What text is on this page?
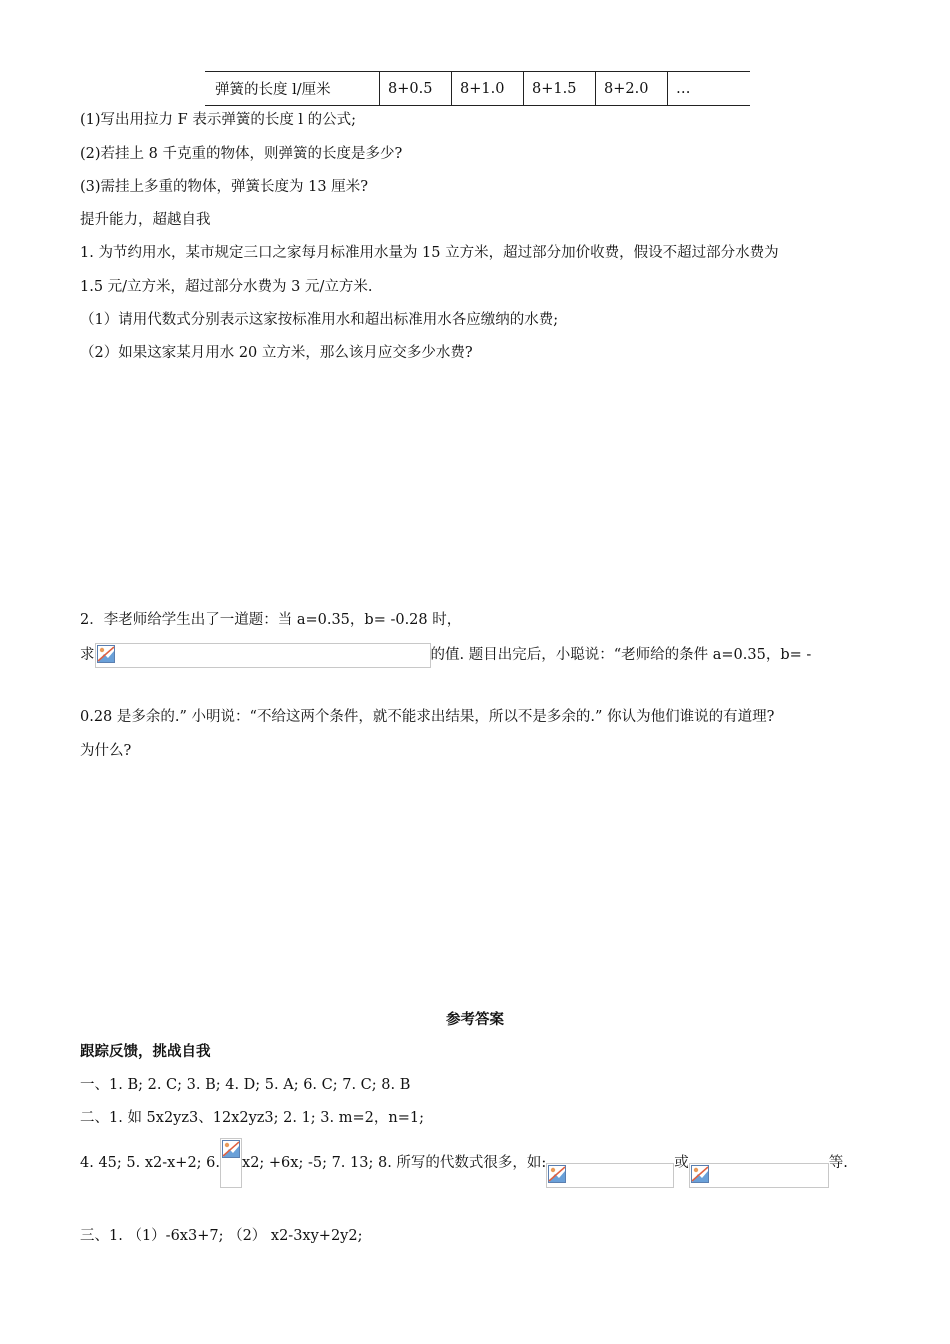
弹簧的长度 l/厘米	8+0.5	8+1.0	8+1.5	8+2.0	…
(1)写出用拉力 F 表示弹簧的长度 l 的公式;
(2)若挂上 8 千克重的物体，则弹簧的长度是多少?
(3)需挂上多重的物体，弹簧长度为 13 厘米?
提升能力，超越自我
1. 为节约用水，某市规定三口之家每月标准用水量为 15 立方米，超过部分加价收费，假设不超过部分水费为
1.5 元/立方米，超过部分水费为 3 元/立方米.
（1）请用代数式分别表示这家按标准用水和超出标准用水各应缴纳的水费;
（2）如果这家某月用水 20 立方米，那么该月应交多少水费?
2．李老师给学生出了一道题：当 a=0.35，b= -0.28 时，
求	的值. 题目出完后，小聪说：“老师给的条件 a=0.35，b= -
0.28 是多余的.” 小明说：“不给这两个条件，就不能求出结果，所以不是多余的.” 你认为他们谁说的有道理?
为什么?
参考答案
跟踪反馈，挑战自我
一、1. B; 2. C; 3. B; 4. D; 5. A; 6. C; 7. C; 8. B
二、1. 如 5x2yz3、12x2yz3; 2. 1; 3. m=2，n=1;
4. 45; 5. x2-x+2; 6. x2; +6x; -5; 7. 13; 8. 所写的代数式很多，如:	或	等.
三、1. （1）-6x3+7; （2） x2-3xy+2y2;
